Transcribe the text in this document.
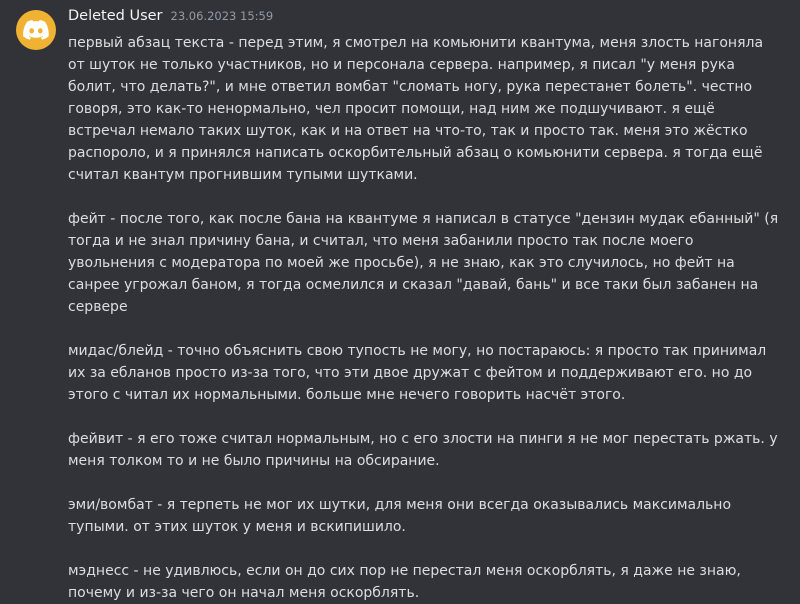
Deleted User 23.06.2023 15:59

первый абзац текста - перед этим, я смотрел на комьюнити квантума, меня злость нагоняла от шуток не только участников, но и персонала сервера. например, я писал "у меня рука болит, что делать?", и мне ответил вомбат "сломать ногу, рука перестанет болеть". честно говоря, это как-то ненормально, чел просит помощи, над ним же подшучивают. я ещё встречал немало таких шуток, как и на ответ на что-то, так и просто так. меня это жёстко распороло, и я принялся написать оскорбительный абзац о комьюнити сервера. я тогда ещё считал квантум прогнившим тупыми шутками.

фейт - после того, как после бана на квантуме я написал в статусе "дензин мудак ебанный" (я тогда и не знал причину бана, и считал, что меня забанили просто так после моего увольнения с модератора по моей же просьбе), я не знаю, как это случилось, но фейт на санрее угрожал баном, я тогда осмелился и сказал "давай, бань" и все таки был забанен на сервере

мидас/блейд - точно объяснить свою тупость не могу, но постараюсь: я просто так принимал их за ебланов просто из-за того, что эти двое дружат с фейтом и поддерживают его. но до этого с читал их нормальными. больше мне нечего говорить насчёт этого.

фейвит - я его тоже считал нормальным, но с его злости на пинги я не мог перестать ржать. у меня толком то и не было причины на обсирание.

эми/вомбат - я терпеть не мог их шутки, для меня они всегда оказывались максимально тупыми. от этих шуток у меня и вскипишило.

мэднесс - не удивлюсь, если он до сих пор не перестал меня оскорблять, я даже не знаю, почему и из-за чего он начал меня оскорблять.
